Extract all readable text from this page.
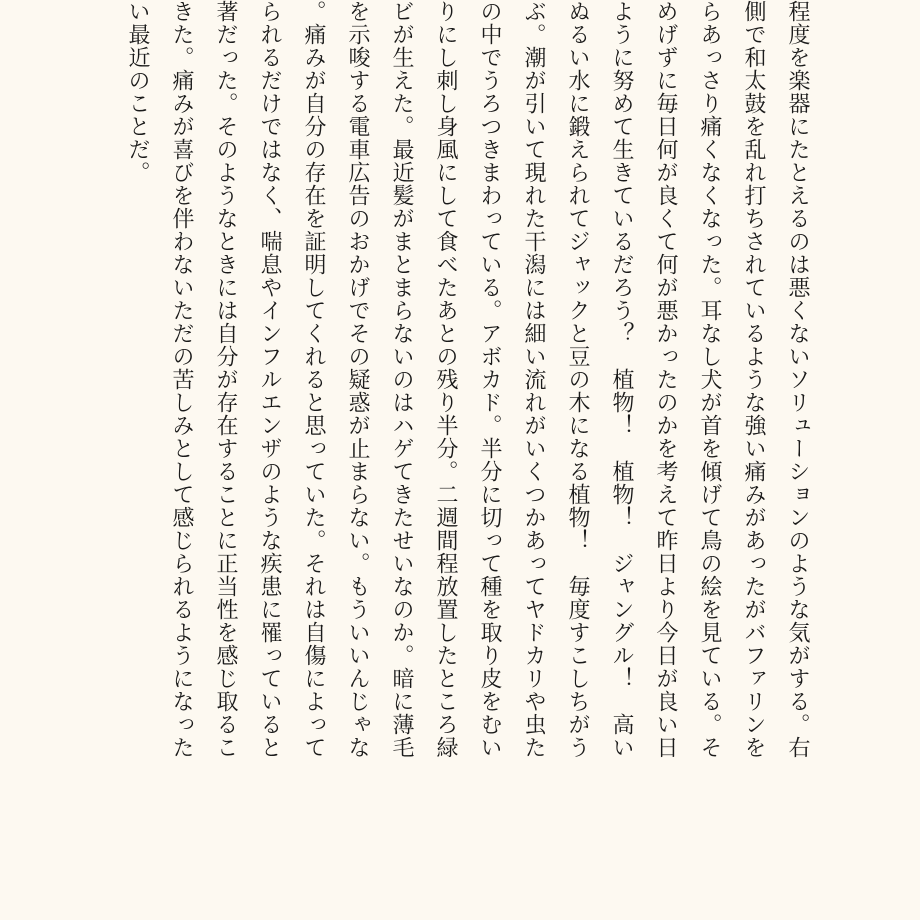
程度を楽器にたとえるのは悪くないソリューションのような気がする。右
側で和太鼓を乱れ打ちされているような強い痛みがあったがバファリンを
らあっさり痛くなくなった。耳なし犬が首を傾げて鳥の絵を見ている。そ
めげずに毎日何が良くて何が悪かったのかを考えて昨日より今日が良い日
ように努めて生きているだろう？　植物！　植物！　ジャングル！　高い
ぬるい水に鍛えられてジャックと豆の木になる植物！　毎度すこしちがう
ぶ。潮が引いて現れた干潟には細い流れがいくつかあってヤドカリや虫た
の中でうろつきまわっている。アボカド。半分に切って種を取り皮をむい
りにし刺し身風にして食べたあとの残り半分。二週間程放置したところ緑
ビが生えた。最近髪がまとまらないのはハゲてきたせいなのか。暗に薄毛
を示唆する電車広告のおかげでその疑惑が止まらない。もういいんじゃな
。痛みが自分の存在を証明してくれると思っていた。それは自傷によって
られるだけではなく、喘息やインフルエンザのような疾患に罹っていると
著だった。そのようなときには自分が存在することに正当性を感じ取るこ
きた。痛みが喜びを伴わないただの苦しみとして感じられるようになった
い最近のことだ。
